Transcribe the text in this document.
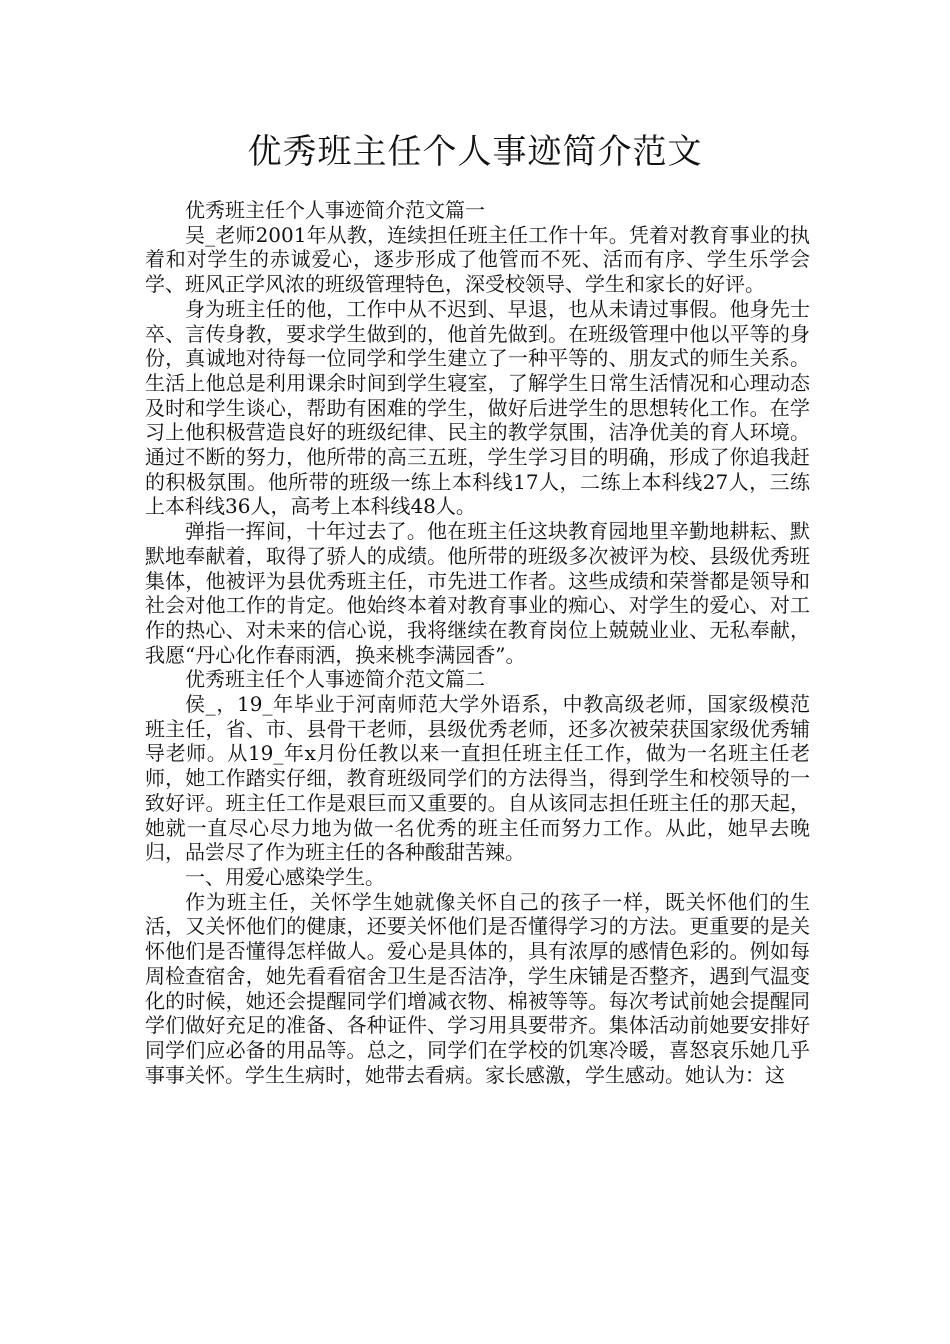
优秀班主任个人事迹简介范文

优秀班主任个人事迹简介范文篇一

吴_老师2001年从教，连续担任班主任工作十年。凭着对教育事业的执着和对学生的赤诚爱心，逐步形成了他管而不死、活而有序、学生乐学会学、班风正学风浓的班级管理特色，深受校领导、学生和家长的好评。

身为班主任的他，工作中从不迟到、早退，也从未请过事假。他身先士卒、言传身教，要求学生做到的，他首先做到。在班级管理中他以平等的身份，真诚地对待每一位同学和学生建立了一种平等的、朋友式的师生关系。生活上他总是利用课余时间到学生寝室，了解学生日常生活情况和心理动态及时和学生谈心，帮助有困难的学生，做好后进学生的思想转化工作。在学习上他积极营造良好的班级纪律、民主的教学氛围，洁净优美的育人环境。通过不断的努力，他所带的高三五班，学生学习目的明确，形成了你追我赶的积极氛围。他所带的班级一练上本科线17人，二练上本科线27人，三练上本科线36人，高考上本科线48人。

弹指一挥间，十年过去了。他在班主任这块教育园地里辛勤地耕耘、默默地奉献着，取得了骄人的成绩。他所带的班级多次被评为校、县级优秀班集体，他被评为县优秀班主任，市先进工作者。这些成绩和荣誉都是领导和社会对他工作的肯定。他始终本着对教育事业的痴心、对学生的爱心、对工作的热心、对未来的信心说，我将继续在教育岗位上兢兢业业、无私奉献，我愿“丹心化作春雨洒，换来桃李满园香”。

优秀班主任个人事迹简介范文篇二

侯_，19_年毕业于河南师范大学外语系，中教高级老师，国家级模范班主任，省、市、县骨干老师，县级优秀老师，还多次被荣获国家级优秀辅导老师。从19_年x月份任教以来一直担任班主任工作，做为一名班主任老师，她工作踏实仔细，教育班级同学们的方法得当，得到学生和校领导的一致好评。班主任工作是艰巨而又重要的。自从该同志担任班主任的那天起，她就一直尽心尽力地为做一名优秀的班主任而努力工作。从此，她早去晚归，品尝尽了作为班主任的各种酸甜苦辣。

一、用爱心感染学生。

作为班主任，关怀学生她就像关怀自己的孩子一样，既关怀他们的生活，又关怀他们的健康，还要关怀他们是否懂得学习的方法。更重要的是关怀他们是否懂得怎样做人。爱心是具体的，具有浓厚的感情色彩的。例如每周检查宿舍，她先看看宿舍卫生是否洁净，学生床铺是否整齐，遇到气温变化的时候，她还会提醒同学们增减衣物、棉被等等。每次考试前她会提醒同学们做好充足的准备、各种证件、学习用具要带齐。集体活动前她要安排好同学们应必备的用品等。总之，同学们在学校的饥寒冷暖，喜怒哀乐她几乎事事关怀。学生生病时，她带去看病。家长感激，学生感动。她认为：这
